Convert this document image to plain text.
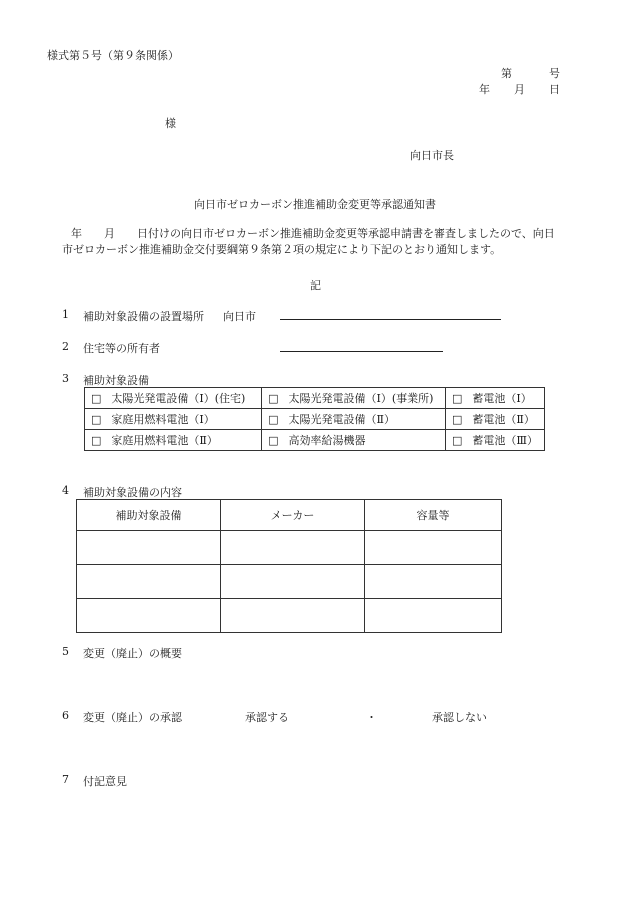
様式第５号（第９条関係）
第	号
年 月 日
様
向日市長
向日市ゼロカーボン推進補助金変更等承認通知書
年　　月　　日付けの向日市ゼロカーボン推進補助金変更等承認申請書を審査しましたので、向日
市ゼロカーボン推進補助金交付要綱第９条第２項の規定により下記のとおり通知します。
記
1 補助対象設備の設置場所 向日市
2 住宅等の所有者
3 補助対象設備
□ 太陽光発電設備（Ⅰ）(住宅)	□ 太陽光発電設備（Ⅰ）(事業所)	□ 蓄電池（Ⅰ）
□ 家庭用燃料電池（Ⅰ）	□ 太陽光発電設備（Ⅱ）	□ 蓄電池（Ⅱ）
□ 家庭用燃料電池（Ⅱ）	□ 高効率給湯機器	□ 蓄電池（Ⅲ）
4 補助対象設備の内容
補助対象設備	メーカー	容量等

5 変更（廃止）の概要
6 変更（廃止）の承認	承認する	・	承認しない
7 付記意見
